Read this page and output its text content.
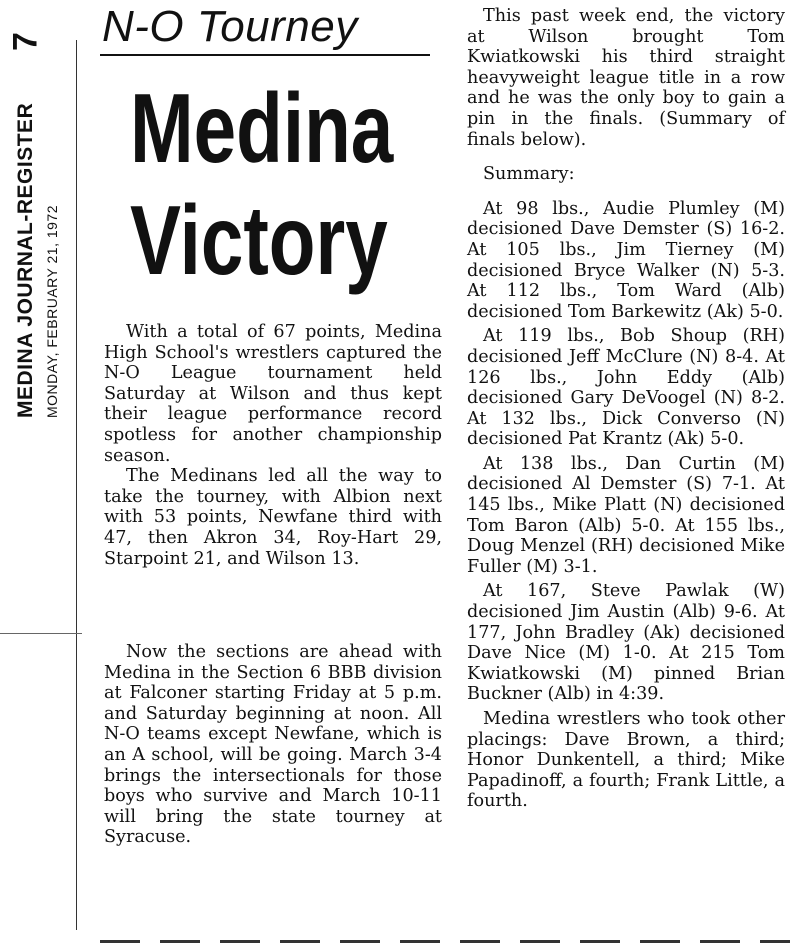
7
MEDINA JOURNAL-REGISTER MONDAY, FEBRUARY 21, 1972
N-O Tourney
Medina
Victory

With a total of 67 points, Medina High School's wrestlers captured the N-O League tournament held Saturday at Wilson and thus kept their league performance record spotless for another championship season.

The Medinans led all the way to take the tourney, with Albion next with 53 points, Newfane third with 47, then Akron 34, Roy-Hart 29, Starpoint 21, and Wilson 13.

Now the sections are ahead with Medina in the Section 6 BBB division at Falconer starting Friday at 5 p.m. and Saturday beginning at noon. All N-O teams except Newfane, which is an A school, will be going. March 3-4 brings the intersectionals for those boys who survive and March 10-11 will bring the state tourney at Syracuse.

This past week end, the victory at Wilson brought Tom Kwiatkowski his third straight heavyweight league title in a row and he was the only boy to gain a pin in the finals. (Summary of finals below).

Summary:

At 98 lbs., Audie Plumley (M) decisioned Dave Demster (S) 16-2. At 105 lbs., Jim Tierney (M) decisioned Bryce Walker (N) 5-3. At 112 lbs., Tom Ward (Alb) decisioned Tom Barkewitz (Ak) 5-0.

At 119 lbs., Bob Shoup (RH) decisioned Jeff McClure (N) 8-4. At 126 lbs., John Eddy (Alb) decisioned Gary DeVoogel (N) 8-2. At 132 lbs., Dick Converso (N) decisioned Pat Krantz (Ak) 5-0.

At 138 lbs., Dan Curtin (M) decisioned Al Demster (S) 7-1. At 145 lbs., Mike Platt (N) decisioned Tom Baron (Alb) 5-0. At 155 lbs., Doug Menzel (RH) decisioned Mike Fuller (M) 3-1.

At 167, Steve Pawlak (W) decisioned Jim Austin (Alb) 9-6. At 177, John Bradley (Ak) decisioned Dave Nice (M) 1-0. At 215 Tom Kwiatkowski (M) pinned Brian Buckner (Alb) in 4:39.

Medina wrestlers who took other placings: Dave Brown, a third; Honor Dunkentell, a third; Mike Papadinoff, a fourth; Frank Little, a fourth.
